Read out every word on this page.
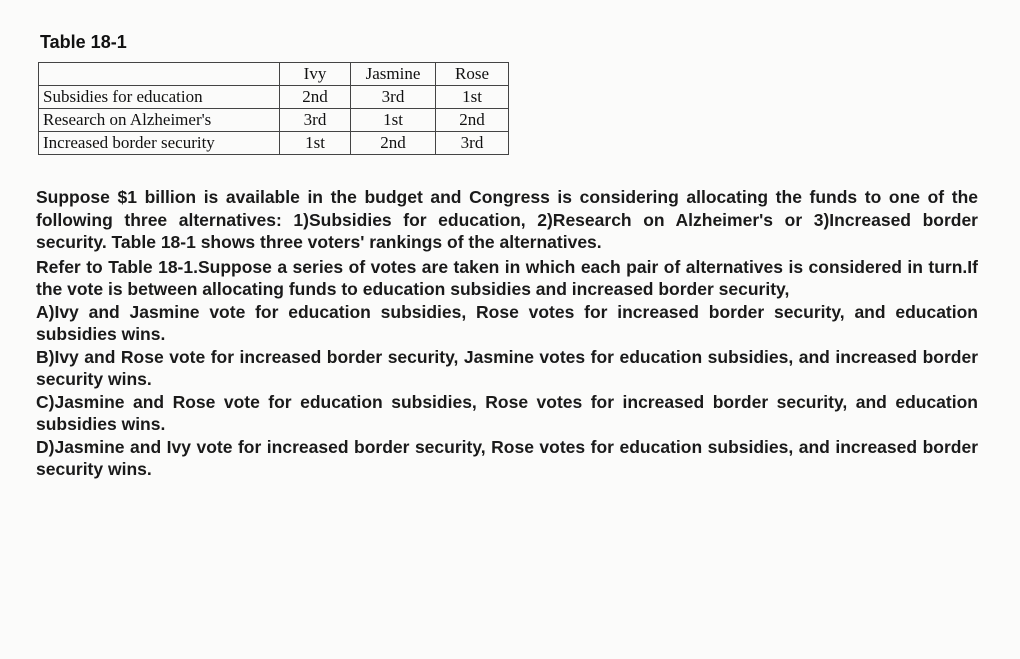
Table 18-1
	Ivy	Jasmine	Rose
Subsidies for education	2nd	3rd	1st
Research on Alzheimer's	3rd	1st	2nd
Increased border security	1st	2nd	3rd

Suppose $1 billion is available in the budget and Congress is considering allocating the funds to one of the following three alternatives: 1)Subsidies for education, 2)Research on Alzheimer's or 3)Increased border security. Table 18-1 shows three voters' rankings of the alternatives.

Refer to Table 18-1.Suppose a series of votes are taken in which each pair of alternatives is considered in turn.If the vote is between allocating funds to education subsidies and increased border security,

A)Ivy and Jasmine vote for education subsidies, Rose votes for increased border security, and education subsidies wins.

B)Ivy and Rose vote for increased border security, Jasmine votes for education subsidies, and increased border security wins.

C)Jasmine and Rose vote for education subsidies, Rose votes for increased border security, and education subsidies wins.

D)Jasmine and Ivy vote for increased border security, Rose votes for education subsidies, and increased border security wins.
